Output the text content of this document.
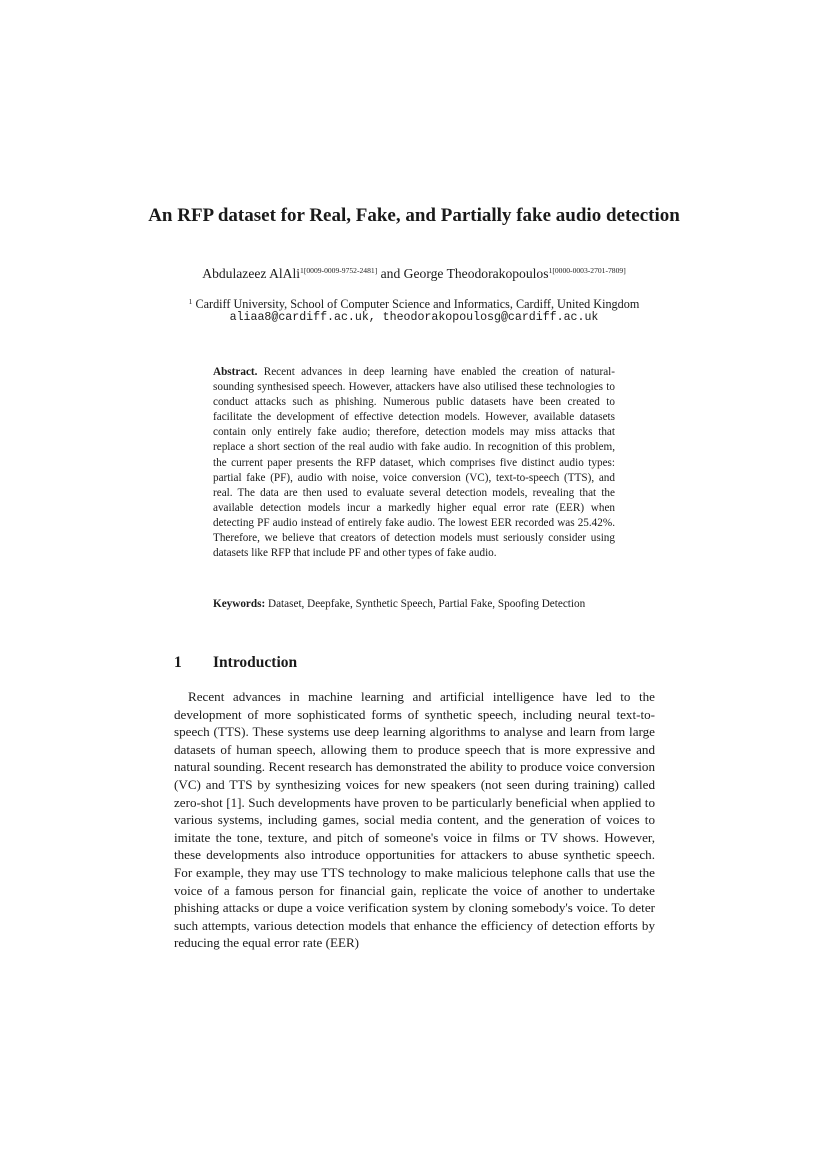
An RFP dataset for Real, Fake, and Partially fake audio detection
Abdulazeez AlAli$^{1[0009-0009-9752-2481]}$ and George Theodorakopoulos$^{1[0000-0003-2701-7809]}$
$^1$ Cardiff University, School of Computer Science and Informatics, Cardiff, United Kingdom
aliaa8@cardiff.ac.uk, theodorakopoulosg@cardiff.ac.uk
Abstract. Recent advances in deep learning have enabled the creation of natural-sounding synthesised speech. However, attackers have also utilised these technologies to conduct attacks such as phishing. Numerous public datasets have been created to facilitate the development of effective detection models. However, available datasets contain only entirely fake audio; therefore, detection models may miss attacks that replace a short section of the real audio with fake audio. In recognition of this problem, the current paper presents the RFP dataset, which comprises five distinct audio types: partial fake (PF), audio with noise, voice conversion (VC), text-to-speech (TTS), and real. The data are then used to evaluate several detection models, revealing that the available detection models incur a markedly higher equal error rate (EER) when detecting PF audio instead of entirely fake audio. The lowest EER recorded was 25.42%. Therefore, we believe that creators of detection models must seriously consider using datasets like RFP that include PF and other types of fake audio.
Keywords: Dataset, Deepfake, Synthetic Speech, Partial Fake, Spoofing Detection
1 Introduction
Recent advances in machine learning and artificial intelligence have led to the development of more sophisticated forms of synthetic speech, including neural text-to-speech (TTS). These systems use deep learning algorithms to analyse and learn from large datasets of human speech, allowing them to produce speech that is more expressive and natural sounding. Recent research has demonstrated the ability to produce voice conversion (VC) and TTS by synthesizing voices for new speakers (not seen during training) called zero-shot [1]. Such developments have proven to be particularly beneficial when applied to various systems, including games, social media content, and the generation of voices to imitate the tone, texture, and pitch of someone's voice in films or TV shows. However, these developments also introduce opportunities for attackers to abuse synthetic speech. For example, they may use TTS technology to make malicious telephone calls that use the voice of a famous person for financial gain, replicate the voice of another to undertake phishing attacks or dupe a voice verification system by cloning somebody's voice. To deter such attempts, various detection models that enhance the efficiency of detection efforts by reducing the equal error rate (EER)
